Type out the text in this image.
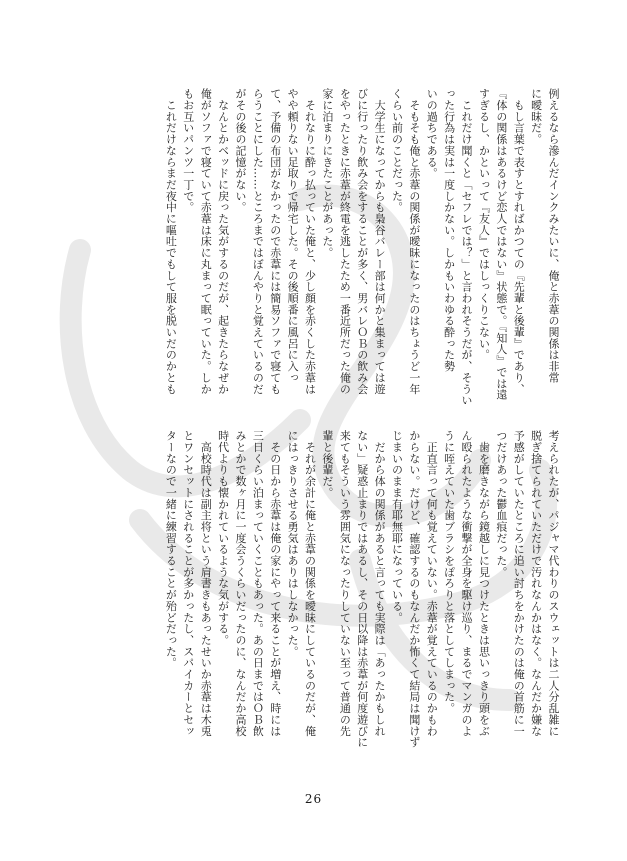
例えるなら滲んだインクみたいに、俺と赤葦の関係は非常
に曖昧だ。
　もし言葉で表すとすればかつての『先輩と後輩』であり、
『体の関係はあるけど恋人ではない』状態で。『知人』では遠
すぎるし、かといって『友人』ではしっくりこない。
　これだけ聞くと「セフレでは？」と言われそうだが、そうい
った行為は実は一度しかない。しかもいわゆる酔った勢
いの過ちである。
　そもそも俺と赤葦の関係が曖昧になったのはちょうど一年
くらい前のことだった。
　大学生になってからも梟谷バレー部は何かと集まっては遊
びに行ったり飲み会をすることが多く、男バレＯＢの飲み会
をやったときに赤葦が終電を逃したため一番近所だった俺の
家に泊まりにきたことがあった。
　それなりに酔っ払っていた俺と、少し顔を赤くした赤葦は
やや頼りない足取りで帰宅した。その後順番に風呂に入っ
て、予備の布団がなかったので赤葦には簡易ソファで寝ても
らうことにした……ところまではぼんやりと覚えているのだ
がその後の記憶がない。
　なんとかベッドに戻った気がするのだが、起きたらなぜか
俺がソファで寝ていて赤葦は床に丸まって眠っていた。しか
もお互いパンツ一丁で。
　これだけならまだ夜中に嘔吐でもして服を脱いだのかとも
考えられたが、パジャマ代わりのスウェットは二人分乱雑に
脱ぎ捨てられていただけで汚れなんかはなく。なんだか嫌な
予感がしていたところに追い討ちをかけたのは俺の首筋に一
つだけあった鬱血痕だった。
　歯を磨きながら鏡越しに見つけたときは思いっきり頭をぶ
ん殴られたような衝撃が全身を駆け巡り、まるでマンガのよ
うに咥えていた歯ブラシをぽろりと落としてしまった。
　正直言って何も覚えていない。赤葦が覚えているのかもわ
からない。だけど、確認するのもなんだか怖くて結局は聞けず
じまいのまま有耶無耶になっている。
　だから体の関係があると言っても実際は「あったかもしれ
ない」疑惑止まりではあるし、その日以降は赤葦が何度遊びに
来てもそういう雰囲気になったりしていない至って普通の先
輩と後輩だ。
　それが余計に俺と赤葦の関係を曖昧にしているのだが、俺
にはっきりさせる勇気はありはしなかった。
　その日から赤葦は俺の家にやって来ることが増え、時には
三日くらい泊まっていくこともあった。あの日まではＯＢ飲
みとかで数ヶ月に一度会うくらいだったのに、なんだか高校
時代よりも懐かれているような気がする。
　高校時代は副主将という肩書きもあったせいか赤葦は木兎
とワンセットにされることが多かったし、スパイカーとセッ
ターなので一緒に練習することが殆どだった。
26
